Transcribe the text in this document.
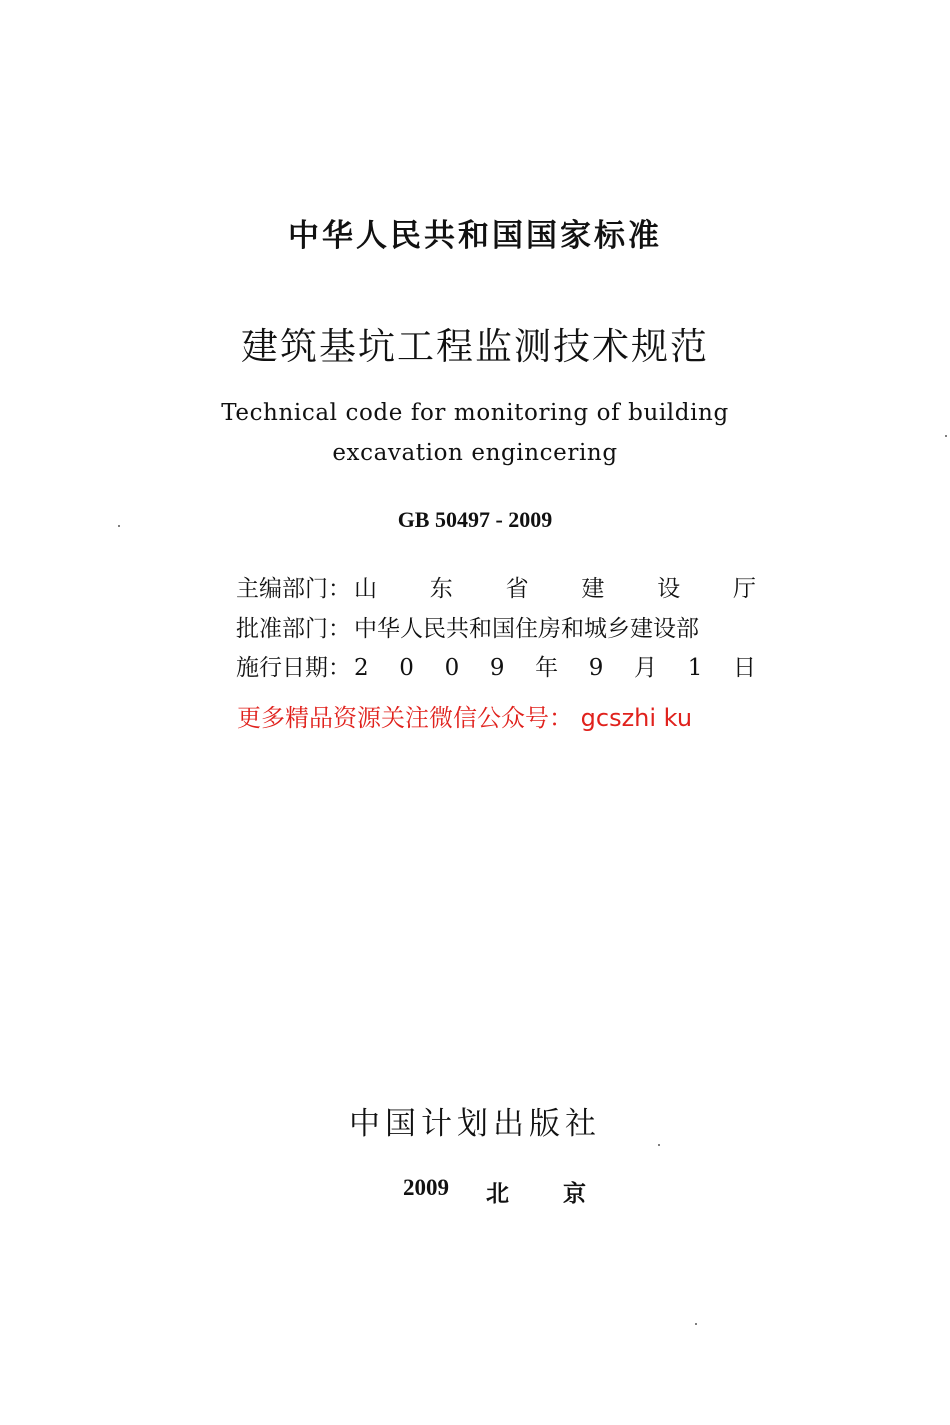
中华人民共和国国家标准
建筑基坑工程监测技术规范
Technical code for monitoring of building
excavation engincering
GB 50497 - 2009
主编部门： 山 东 省 建 设 厅
批准部门： 中华人民共和国住房和城乡建设部
施行日期： 2 0 0 9 年 9 月 1 日
更多精品资源关注微信公众号： gcszhi ku
中国计划出版社
2009 北 京
